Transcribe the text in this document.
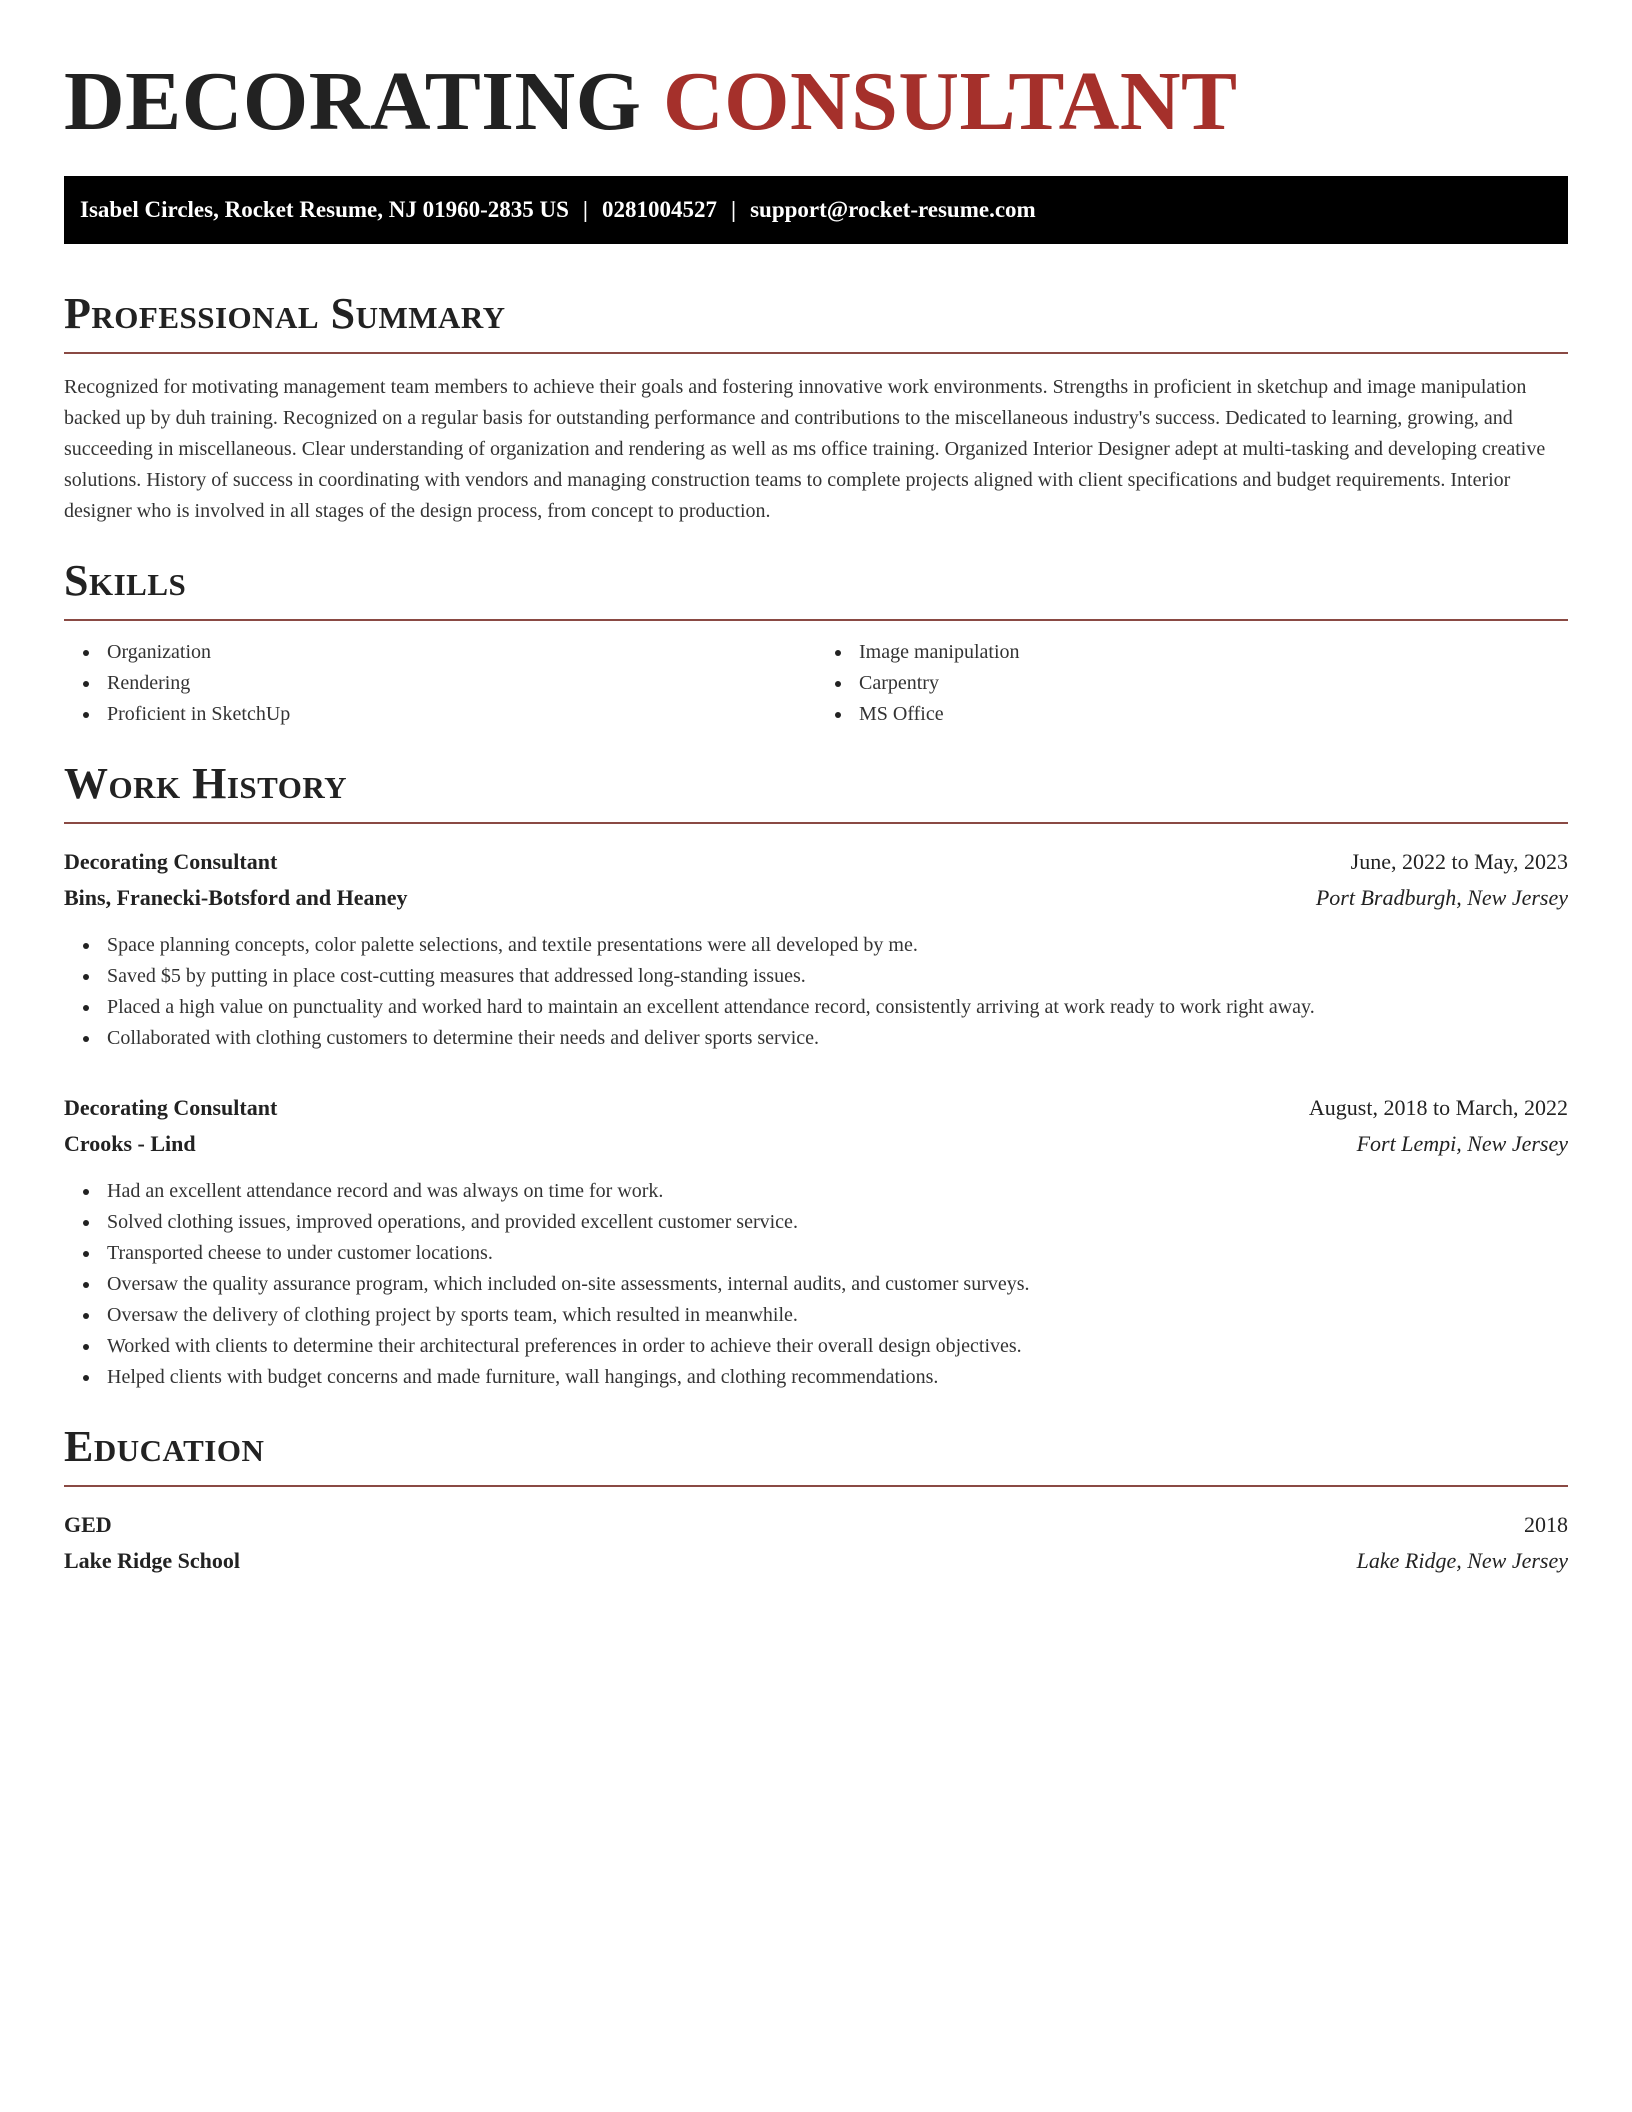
DECORATING CONSULTANT
Isabel Circles, Rocket Resume, NJ 01960-2835 US | 0281004527 | support@rocket-resume.com
Professional Summary

Recognized for motivating management team members to achieve their goals and fostering innovative work environments. Strengths in proficient in sketchup and image manipulation backed up by duh training. Recognized on a regular basis for outstanding performance and contributions to the miscellaneous industry's success. Dedicated to learning, growing, and succeeding in miscellaneous. Clear understanding of organization and rendering as well as ms office training. Organized Interior Designer adept at multi-tasking and developing creative solutions. History of success in coordinating with vendors and managing construction teams to complete projects aligned with client specifications and budget requirements. Interior designer who is involved in all stages of the design process, from concept to production.

Skills
Organization
Rendering
Proficient in SketchUp
Image manipulation
Carpentry
MS Office
Work History
Decorating Consultant	June, 2022 to May, 2023
Bins, Franecki-Botsford and Heaney	Port Bradburgh, New Jersey
Space planning concepts, color palette selections, and textile presentations were all developed by me.
Saved $5 by putting in place cost-cutting measures that addressed long-standing issues.
Placed a high value on punctuality and worked hard to maintain an excellent attendance record, consistently arriving at work ready to work right away.
Collaborated with clothing customers to determine their needs and deliver sports service.
Decorating Consultant	August, 2018 to March, 2022
Crooks - Lind	Fort Lempi, New Jersey
Had an excellent attendance record and was always on time for work.
Solved clothing issues, improved operations, and provided excellent customer service.
Transported cheese to under customer locations.
Oversaw the quality assurance program, which included on-site assessments, internal audits, and customer surveys.
Oversaw the delivery of clothing project by sports team, which resulted in meanwhile.
Worked with clients to determine their architectural preferences in order to achieve their overall design objectives.
Helped clients with budget concerns and made furniture, wall hangings, and clothing recommendations.
Education
GED	2018
Lake Ridge School	Lake Ridge, New Jersey
